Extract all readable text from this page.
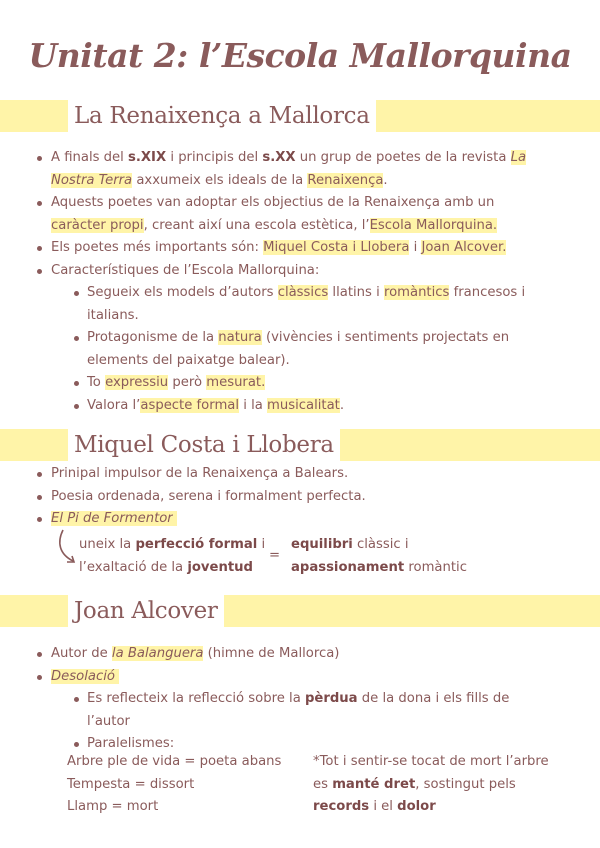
Unitat 2: l’Escola Mallorquina
La Renaixença a Mallorca
A finals del s.XIX i principis del s.XX un grup de poetes de la revista La
Nostra Terra axxumeix els ideals de la Renaixença.
Aquests poetes van adoptar els objectius de la Renaixença amb un
caràcter propi, creant així una escola estètica, l’Escola Mallorquina.
Els poetes més importants són: Miquel Costa i Llobera i Joan Alcover.
Característiques de l’Escola Mallorquina:
Segueix els models d’autors clàssics llatins i romàntics francesos i
italians.
Protagonisme de la natura (vivències i sentiments projectats en
elements del paixatge balear).
To expressiu però mesurat.
Valora l’aspecte formal i la musicalitat.
Miquel Costa i Llobera
Prinipal impulsor de la Renaixença a Balears.
Poesia ordenada, serena i formalment perfecta.
El Pi de Formentor
uneix la perfecció formal i
l’exaltació de la joventud
=
equilibri clàssic i
apassionament romàntic
Joan Alcover
Autor de la Balanguera (himne de Mallorca)
Desolació
Es reflecteix la reflecció sobre la pèrdua de la dona i els fills de
l’autor
Paralelismes:
Arbre ple de vida = poeta abans
Tempesta = dissort
Llamp = mort
*Tot i sentir-se tocat de mort l’arbre
es manté dret, sostingut pels
records i el dolor
